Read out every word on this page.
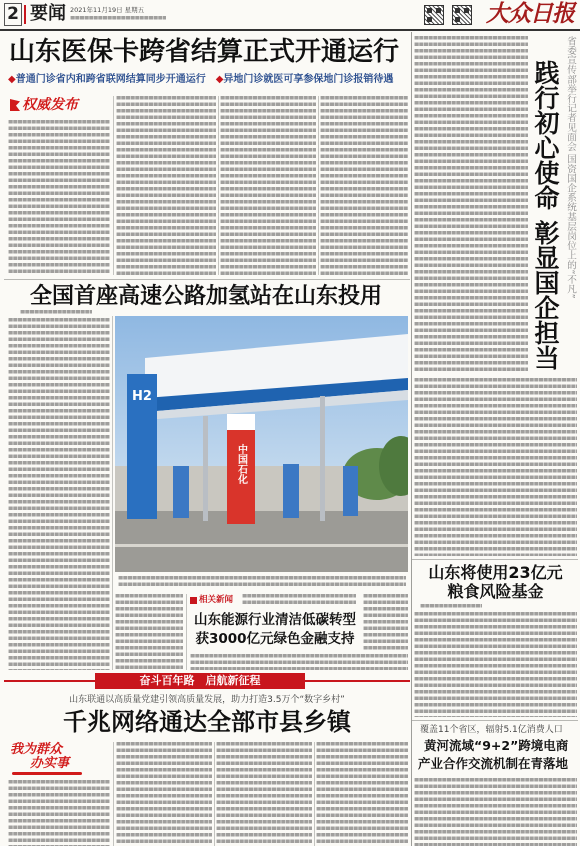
2 要闻 2021年11月19日 星期五	大众日报
山东医保卡跨省结算正式开通运行
◆普通门诊省内和跨省联网结算同步开通运行 ◆异地门诊就医可享参保地门诊报销待遇
权威发布
全国首座高速公路加氢站在山东投用
H2
中国石化
相关新闻
山东能源行业清洁低碳转型
获3000亿元绿色金融支持
奋斗百年路　启航新征程
山东联通以高质量党建引领高质量发展，助力打造3.5万个“数字乡村”
千兆网络通达全部市县乡镇
我为群众
办实事
省委宣传部举行记者见面会 国资国企系统基层岗位上的“不凡”
践行初心使命
彰显国企担当
山东将使用23亿元
粮食风险基金
覆盖11个省区，辐射5.1亿消费人口
黄河流域“9+2”跨境电商
产业合作交流机制在青落地
